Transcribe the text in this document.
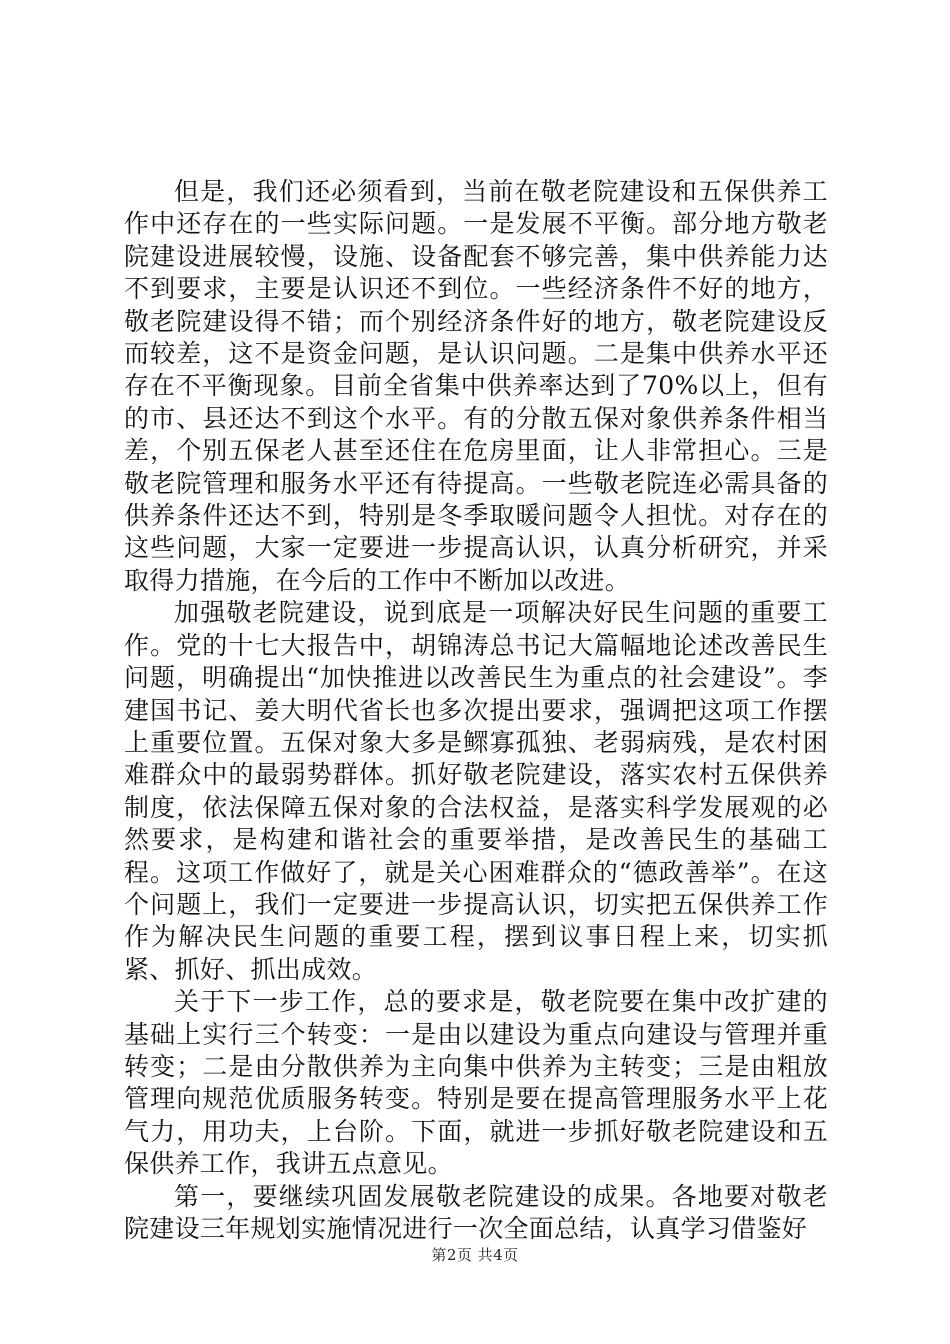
但是，我们还必须看到，当前在敬老院建设和五保供养工作中还存在的一些实际问题。一是发展不平衡。部分地方敬老院建设进展较慢，设施、设备配套不够完善，集中供养能力达不到要求，主要是认识还不到位。一些经济条件不好的地方，敬老院建设得不错；而个别经济条件好的地方，敬老院建设反而较差，这不是资金问题，是认识问题。二是集中供养水平还存在不平衡现象。目前全省集中供养率达到了70%以上，但有的市、县还达不到这个水平。有的分散五保对象供养条件相当差，个别五保老人甚至还住在危房里面，让人非常担心。三是敬老院管理和服务水平还有待提高。一些敬老院连必需具备的供养条件还达不到，特别是冬季取暖问题令人担忧。对存在的这些问题，大家一定要进一步提高认识，认真分析研究，并采取得力措施，在今后的工作中不断加以改进。

加强敬老院建设，说到底是一项解决好民生问题的重要工作。党的十七大报告中，胡锦涛总书记大篇幅地论述改善民生问题，明确提出“加快推进以改善民生为重点的社会建设”。李建国书记、姜大明代省长也多次提出要求，强调把这项工作摆上重要位置。五保对象大多是鳏寡孤独、老弱病残，是农村困难群众中的最弱势群体。抓好敬老院建设，落实农村五保供养制度，依法保障五保对象的合法权益，是落实科学发展观的必然要求，是构建和谐社会的重要举措，是改善民生的基础工程。这项工作做好了，就是关心困难群众的“德政善举”。在这个问题上，我们一定要进一步提高认识，切实把五保供养工作作为解决民生问题的重要工程，摆到议事日程上来，切实抓紧、抓好、抓出成效。

关于下一步工作，总的要求是，敬老院要在集中改扩建的基础上实行三个转变：一是由以建设为重点向建设与管理并重转变；二是由分散供养为主向集中供养为主转变；三是由粗放管理向规范优质服务转变。特别是要在提高管理服务水平上花气力，用功夫，上台阶。下面，就进一步抓好敬老院建设和五保供养工作，我讲五点意见。

第一，要继续巩固发展敬老院建设的成果。各地要对敬老院建设三年规划实施情况进行一次全面总结，认真学习借鉴好

第2页 共4页
